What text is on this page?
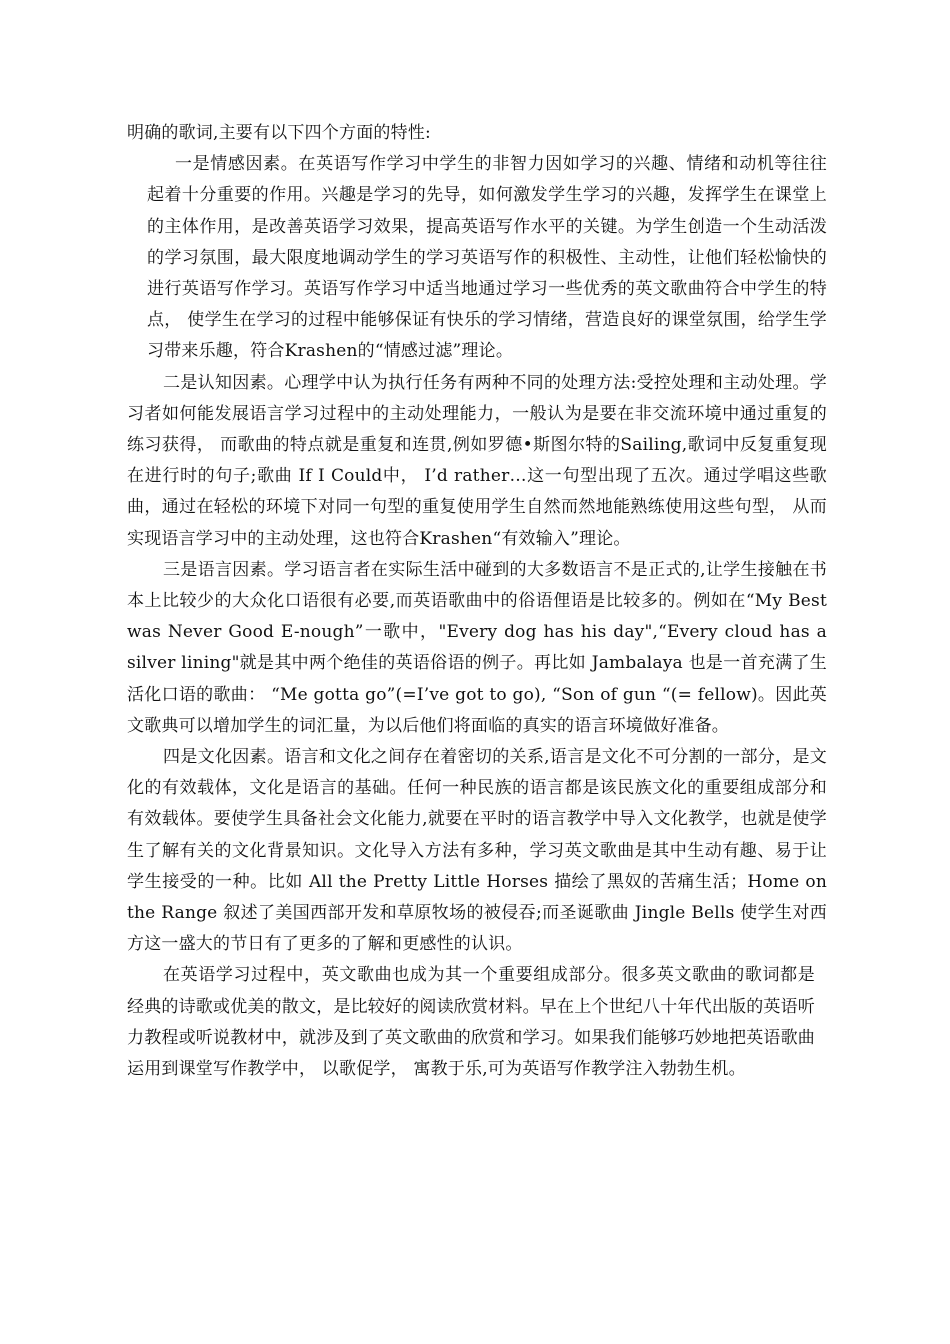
明确的歌词,主要有以下四个方面的特性:

一是情感因素。在英语写作学习中学生的非智力因如学习的兴趣、情绪和动机等往往起着十分重要的作用。兴趣是学习的先导，如何激发学生学习的兴趣，发挥学生在课堂上的主体作用，是改善英语学习效果，提高英语写作水平的关键。为学生创造一个生动活泼的学习氛围，最大限度地调动学生的学习英语写作的积极性、主动性，让他们轻松愉快的进行英语写作学习。英语写作学习中适当地通过学习一些优秀的英文歌曲符合中学生的特点， 使学生在学习的过程中能够保证有快乐的学习情绪，营造良好的课堂氛围，给学生学习带来乐趣，符合Krashen的“情感过滤”理论。

二是认知因素。心理学中认为执行任务有两种不同的处理方法:受控处理和主动处理。学习者如何能发展语言学习过程中的主动处理能力，一般认为是要在非交流环境中通过重复的练习获得， 而歌曲的特点就是重复和连贯,例如罗德•斯图尔特的Sailing,歌词中反复重复现在进行时的句子;歌曲 If I Could中， I’d rather…这一句型出现了五次。通过学唱这些歌曲，通过在轻松的环境下对同一句型的重复使用学生自然而然地能熟练使用这些句型， 从而实现语言学习中的主动处理，这也符合Krashen“有效输入”理论。

三是语言因素。学习语言者在实际生活中碰到的大多数语言不是正式的,让学生接触在书本上比较少的大众化口语很有必要,而英语歌曲中的俗语俚语是比较多的。例如在“My Best was Never Good E-nough”一歌中，"Every dog has his day",“Every cloud has a silver lining"就是其中两个绝佳的英语俗语的例子。再比如 Jambalaya 也是一首充满了生活化口语的歌曲： “Me gotta go”(=I’ve got to go), “Son of gun “(= fellow)。因此英文歌典可以增加学生的词汇量，为以后他们将面临的真实的语言环境做好准备。

四是文化因素。语言和文化之间存在着密切的关系,语言是文化不可分割的一部分，是文化的有效载体，文化是语言的基础。任何一种民族的语言都是该民族文化的重要组成部分和有效载体。要使学生具备社会文化能力,就要在平时的语言教学中导入文化教学，也就是使学生了解有关的文化背景知识。文化导入方法有多种，学习英文歌曲是其中生动有趣、易于让学生接受的一种。比如 All the Pretty Little Horses 描绘了黑奴的苦痛生活；Home on the Range 叙述了美国西部开发和草原牧场的被侵吞;而圣诞歌曲 Jingle Bells 使学生对西方这一盛大的节日有了更多的了解和更感性的认识。

在英语学习过程中，英文歌曲也成为其一个重要组成部分。很多英文歌曲的歌词都是经典的诗歌或优美的散文，是比较好的阅读欣赏材料。早在上个世纪八十年代出版的英语听力教程或听说教材中，就涉及到了英文歌曲的欣赏和学习。如果我们能够巧妙地把英语歌曲运用到课堂写作教学中， 以歌促学， 寓教于乐,可为英语写作教学注入勃勃生机。
